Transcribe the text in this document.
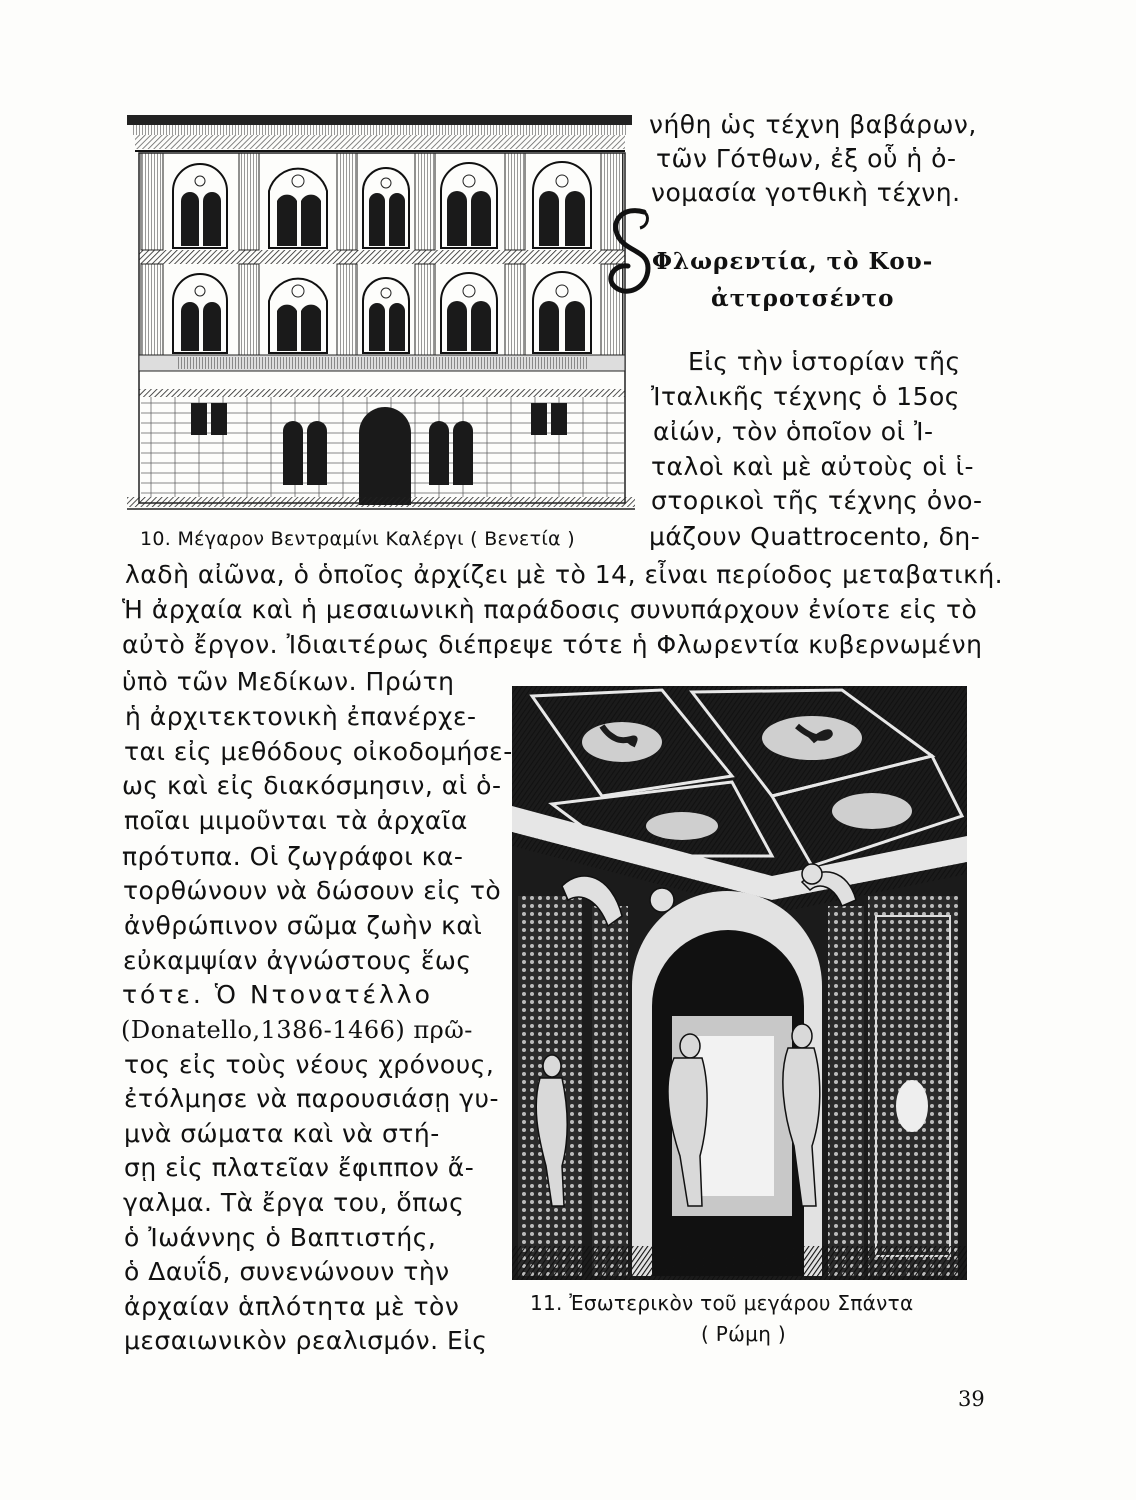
νήθη ὡς τέχνη βαβάρων,
τῶν Γότθων, ἐξ οὗ ἡ ὀ-
νομασία γοτθικὴ τέχνη.
Φλωρεντία, τὸ Κου-
ἀττροτσέντο
Εἰς τὴν ἱστορίαν τῆς
Ἰταλικῆς τέχνης ὁ 15ος
αἰών, τὸν ὁποῖον οἱ Ἰ-
ταλοὶ καὶ μὲ αὐτοὺς οἱ ἱ-
στορικοὶ τῆς τέχνης ὀνο-
μάζουν Quattrocento, δη-
10. Μέγαρον Βεντραμίνι Καλέργι ( Βενετία )
λαδὴ αἰῶνα, ὁ ὁποῖος ἀρχίζει μὲ τὸ 14, εἶναι περίοδος μεταβατική.
Ἡ ἀρχαία καὶ ἡ μεσαιωνικὴ παράδοσις συνυπάρχουν ἐνίοτε εἰς τὸ
αὐτὸ ἔργον. Ἰδιαιτέρως διέπρεψε τότε ἡ Φλωρεντία κυβερνωμένη
ὑπὸ τῶν Μεδίκων. Πρώτη
ἡ ἀρχιτεκτονικὴ ἐπανέρχε-
ται εἰς μεθόδους οἰκοδομήσε-
ως καὶ εἰς διακόσμησιν, αἱ ὁ-
ποῖαι μιμοῦνται τὰ ἀρχαῖα
πρότυπα. Οἱ ζωγράφοι κα-
τορθώνουν νὰ δώσουν εἰς τὸ
ἀνθρώπινον σῶμα ζωὴν καὶ
εὐκαμψίαν ἀγνώστους ἕως
τότε. Ὁ Ντονατέλλο
(Donatello,1386-1466) πρῶ-
τος εἰς τοὺς νέους χρόνους,
ἐτόλμησε νὰ παρουσιάσῃ γυ-
μνὰ σώματα καὶ νὰ στή-
σῃ εἰς πλατεῖαν ἔφιππον ἄ-
γαλμα. Τὰ ἔργα του, ὅπως
ὁ Ἰωάννης ὁ Βαπτιστής,
ὁ Δαυΐδ, συνενώνουν τὴν
ἀρχαίαν ἁπλότητα μὲ τὸν
μεσαιωνικὸν ρεαλισμόν. Εἰς
11. Ἐσωτερικὸν τοῦ μεγάρου Σπάντα
( Ρώμη )
39
